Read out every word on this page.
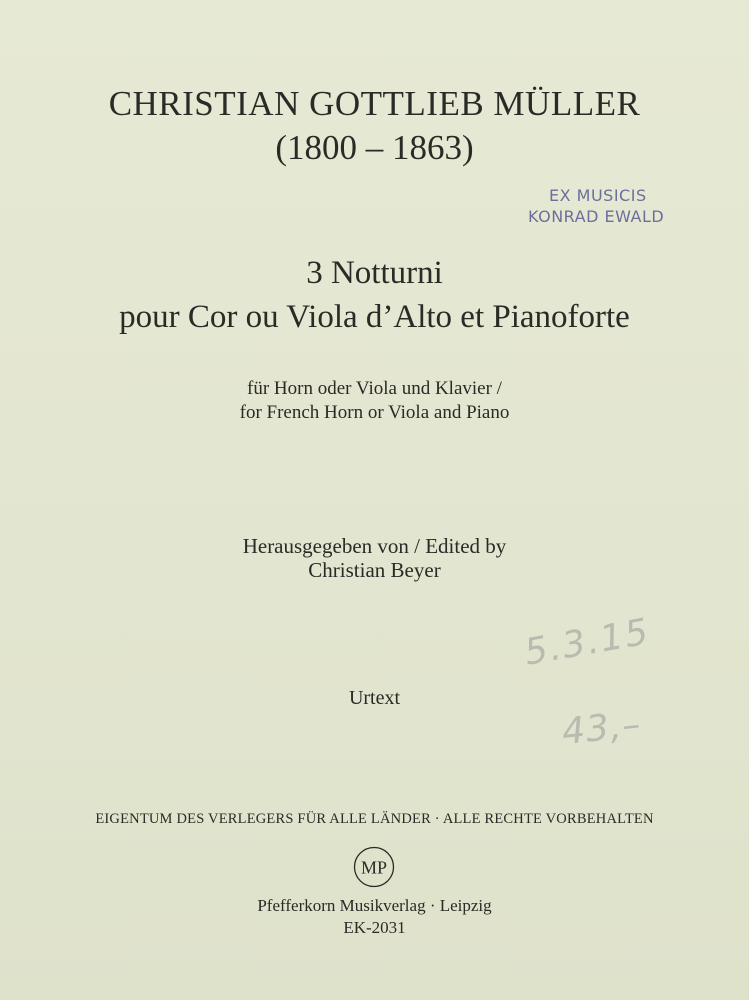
CHRISTIAN GOTTLIEB MÜLLER
(1800 – 1863)
EX MUSICIS
KONRAD EWALD
3 Notturni
pour Cor ou Viola d’Alto et Pianoforte
für Horn oder Viola und Klavier /
for French Horn or Viola and Piano
Herausgegeben von / Edited by
Christian Beyer
5.3.15
43,–
Urtext
EIGENTUM DES VERLEGERS FÜR ALLE LÄNDER · ALLE RECHTE VORBEHALTEN
MP
Pfefferkorn Musikverlag · Leipzig
EK-2031
